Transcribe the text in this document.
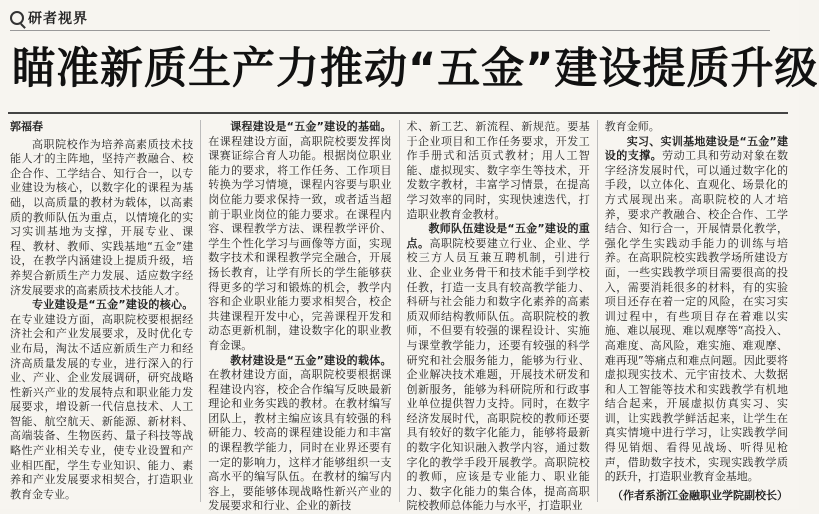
研者视界
瞄准新质生产力推动“五金”建设提质升级

郭福春

高职院校作为培养高素质技术技能人才的主阵地，坚持产教融合、校企合作、工学结合、知行合一，以专业建设为核心，以数字化的课程为基础，以高质量的教材为载体，以高素质的教师队伍为重点，以情境化的实习实训基地为支撑，开展专业、课程、教材、教师、实践基地“五金”建设，在教学内涵建设上提质升级，培养契合新质生产力发展、适应数字经济发展要求的高素质技术技能人才。

专业建设是“五金”建设的核心。在专业建设方面，高职院校要根据经济社会和产业发展要求，及时优化专业布局，淘汰不适应新质生产力和经济高质量发展的专业，进行深入的行业、产业、企业发展调研，研究战略性新兴产业的发展特点和职业能力发展要求，增设新一代信息技术、人工智能、航空航天、新能源、新材料、高端装备、生物医药、量子科技等战略性产业相关专业，使专业设置和产业相匹配，学生专业知识、能力、素养和产业发展要求相契合，打造职业教育金专业。

课程建设是“五金”建设的基础。在课程建设方面，高职院校要发挥岗课赛证综合育人功能。根据岗位职业能力的要求，将工作任务、工作项目转换为学习情境，课程内容要与职业岗位能力要求保持一致，或者适当超前于职业岗位的能力要求。在课程内容、课程教学方法、课程教学评价、学生个性化学习与画像等方面，实现数字技术和课程教学完全融合，开展扬长教育，让学有所长的学生能够获得更多的学习和锻炼的机会，教学内容和企业职业能力要求相契合，校企共建课程开发中心，完善课程开发和动态更新机制，建设数字化的职业教育金课。

教材建设是“五金”建设的载体。在教材建设方面，高职院校要根据课程建设内容，校企合作编写反映最新理论和业务实践的教材。在教材编写团队上，教材主编应该具有较强的科研能力、较高的课程建设能力和丰富的课程教学能力，同时在业界还要有一定的影响力，这样才能够组织一支高水平的编写队伍。在教材的编写内容上，要能够体现战略性新兴产业的发展要求和行业、企业的新技

术、新工艺、新流程、新规范。要基于企业项目和工作任务要求，开发工作手册式和活页式教材；用人工智能、虚拟现实、数字孪生等技术，开发数字教材，丰富学习情景，在提高学习效率的同时，实现快速迭代，打造职业教育金教材。

教师队伍建设是“五金”建设的重点。高职院校要建立行业、企业、学校三方人员互兼互聘机制，引进行业、企业业务骨干和技术能手到学校任教，打造一支具有较高教学能力、科研与社会能力和数字化素养的高素质双师结构教师队伍。高职院校的教师，不但要有较强的课程设计、实施与课堂教学能力，还要有较强的科学研究和社会服务能力，能够为行业、企业解决技术难题，开展技术研发和创新服务，能够为科研院所和行政事业单位提供智力支持。同时，在数字经济发展时代，高职院校的教师还要具有较好的数字化能力，能够将最新的数字化知识融入教学内容，通过数字化的教学手段开展教学。高职院校的教师，应该是专业能力、职业能力、数字化能力的集合体，提高高职院校教师总体能力与水平，打造职业

教育金师。

实习、实训基地建设是“五金”建设的支撑。劳动工具和劳动对象在数字经济发展时代，可以通过数字化的手段，以立体化、直观化、场景化的方式展现出来。高职院校的人才培养，要求产教融合、校企合作、工学结合、知行合一，开展情景化教学，强化学生实践动手能力的训练与培养。在高职院校实践教学场所建设方面，一些实践教学项目需要很高的投入，需要消耗很多的材料，有的实验项目还存在着一定的风险，在实习实训过程中，有些项目存在着难以实施、难以展现、难以观摩等“高投入、高难度、高风险，难实施、难观摩、难再现”等痛点和难点问题。因此要将虚拟现实技术、元宇宙技术、大数据和人工智能等技术和实践教学有机地结合起来，开展虚拟仿真实习、实训，让实践教学鲜活起来，让学生在真实情境中进行学习，让实践教学间得见销烟、看得见战场、听得见枪声，借助数字技术，实现实践教学质的跃升，打造职业教育金基地。

（作者系浙江金融职业学院副校长）
